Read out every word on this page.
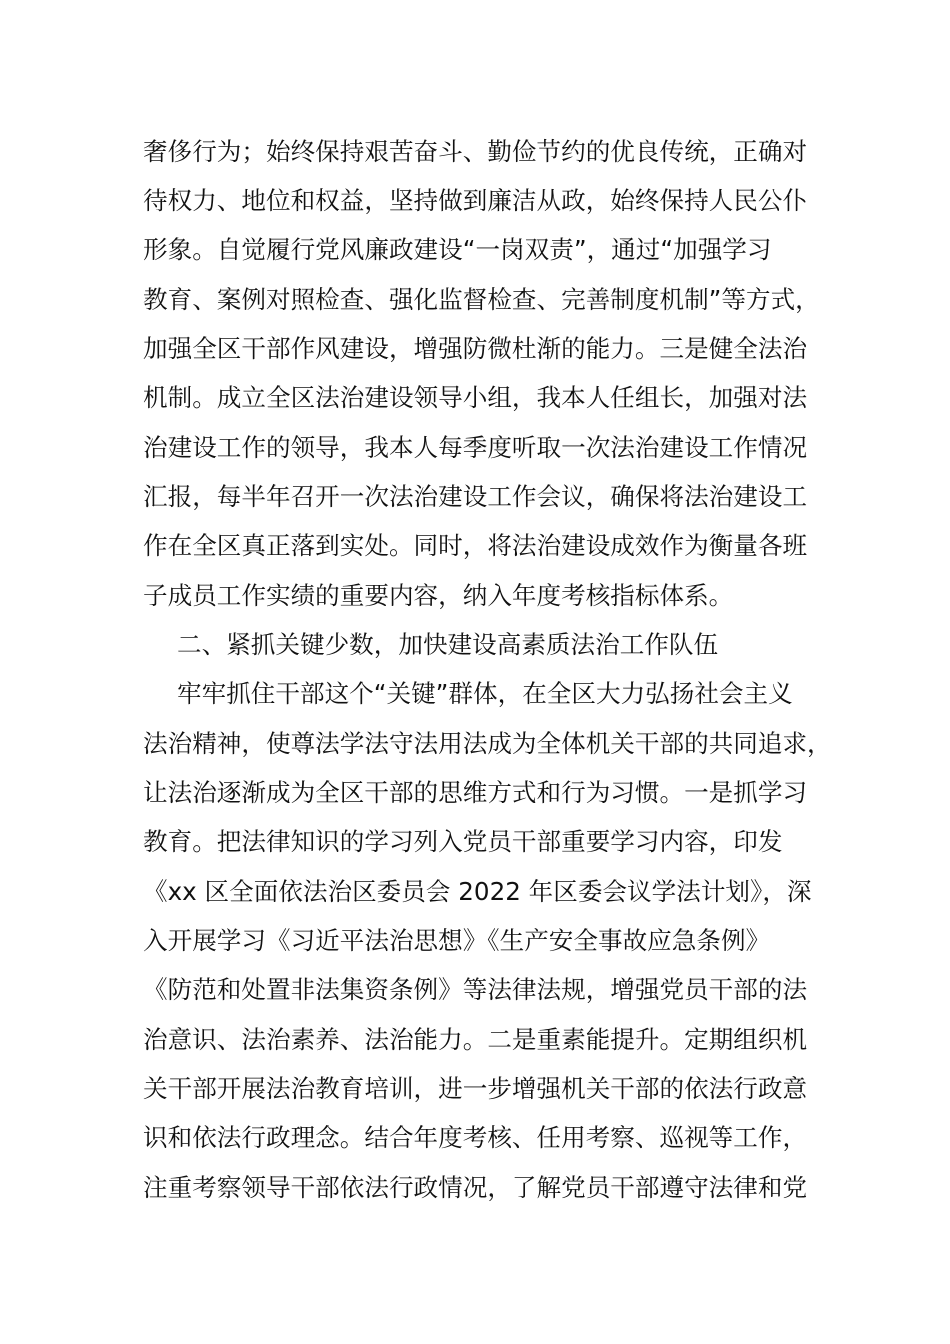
奢侈行为；始终保持艰苦奋斗、勤俭节约的优良传统，正确对
待权力、地位和权益，坚持做到廉洁从政，始终保持人民公仆
形象。自觉履行党风廉政建设“一岗双责”，通过“加强学习
教育、案例对照检查、强化监督检查、完善制度机制”等方式，
加强全区干部作风建设，增强防微杜渐的能力。三是健全法治
机制。成立全区法治建设领导小组，我本人任组长，加强对法
治建设工作的领导，我本人每季度听取一次法治建设工作情况
汇报，每半年召开一次法治建设工作会议，确保将法治建设工
作在全区真正落到实处。同时，将法治建设成效作为衡量各班
子成员工作实绩的重要内容，纳入年度考核指标体系。
二、紧抓关键少数，加快建设高素质法治工作队伍
牢牢抓住干部这个“关键”群体，在全区大力弘扬社会主义
法治精神，使尊法学法守法用法成为全体机关干部的共同追求，
让法治逐渐成为全区干部的思维方式和行为习惯。一是抓学习
教育。把法律知识的学习列入党员干部重要学习内容，印发
《xx 区全面依法治区委员会 2022 年区委会议学法计划》，深
入开展学习《习近平法治思想》《生产安全事故应急条例》
《防范和处置非法集资条例》等法律法规，增强党员干部的法
治意识、法治素养、法治能力。二是重素能提升。定期组织机
关干部开展法治教育培训，进一步增强机关干部的依法行政意
识和依法行政理念。结合年度考核、任用考察、巡视等工作，
注重考察领导干部依法行政情况，了解党员干部遵守法律和党
